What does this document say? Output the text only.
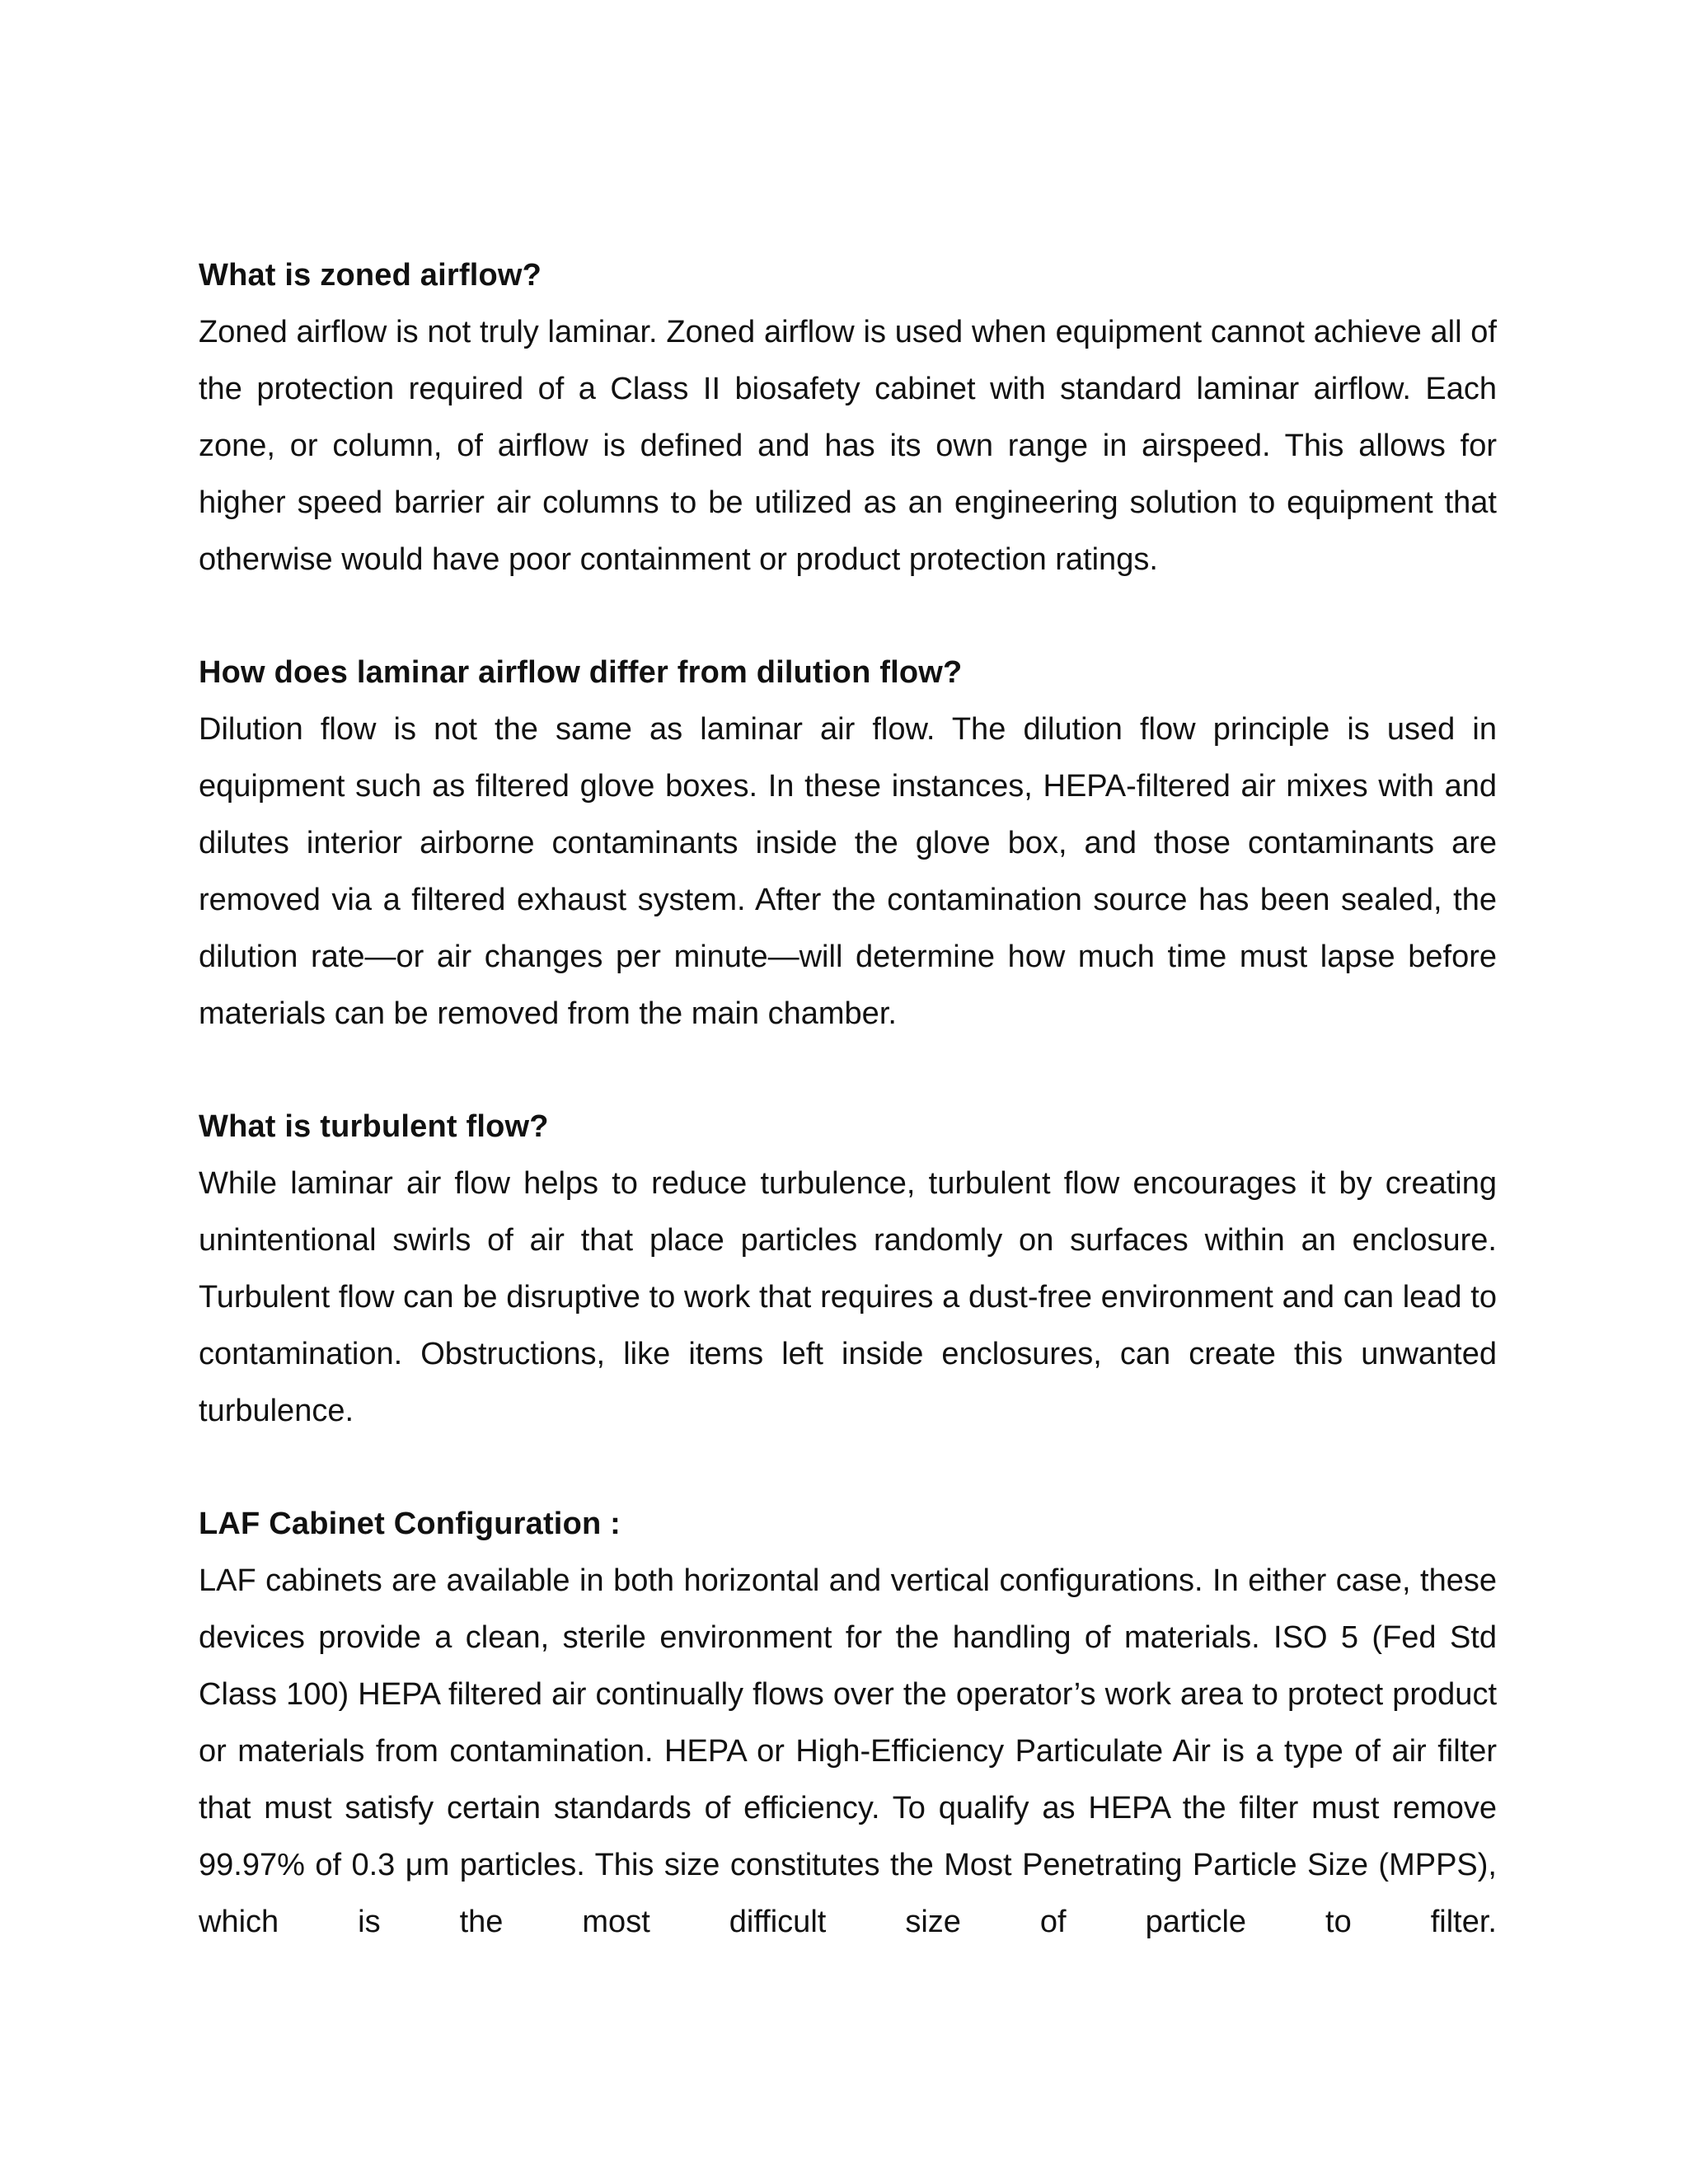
What is zoned airflow?

Zoned airflow is not truly laminar. Zoned airflow is used when equipment cannot achieve all of the protection required of a Class II biosafety cabinet with standard laminar airflow. Each zone, or column, of airflow is defined and has its own range in airspeed. This allows for higher speed barrier air columns to be utilized as an engineering solution to equipment that otherwise would have poor containment or product protection ratings.

How does laminar airflow differ from dilution flow?

Dilution flow is not the same as laminar air flow. The dilution flow principle is used in equipment such as filtered glove boxes. In these instances, HEPA-filtered air mixes with and dilutes interior airborne contaminants inside the glove box, and those contaminants are removed via a filtered exhaust system. After the contamination source has been sealed, the dilution rate—or air changes per minute—will determine how much time must lapse before materials can be removed from the main chamber.

What is turbulent flow?

While laminar air flow helps to reduce turbulence, turbulent flow encourages it by creating unintentional swirls of air that place particles randomly on surfaces within an enclosure. Turbulent flow can be disruptive to work that requires a dust-free environment and can lead to contamination. Obstructions, like items left inside enclosures, can create this unwanted turbulence.

LAF Cabinet Configuration :

LAF cabinets are available in both horizontal and vertical configurations. In either case, these devices provide a clean, sterile environment for the handling of materials. ISO 5 (Fed Std Class 100) HEPA filtered air continually flows over the operator’s work area to protect product or materials from contamination. HEPA or High-Efficiency Particulate Air is a type of air filter that must satisfy certain standards of efficiency. To qualify as HEPA the filter must remove 99.97% of 0.3 μm particles. This size constitutes the Most Penetrating Particle Size (MPPS), which is the most difficult size of particle to filter.
